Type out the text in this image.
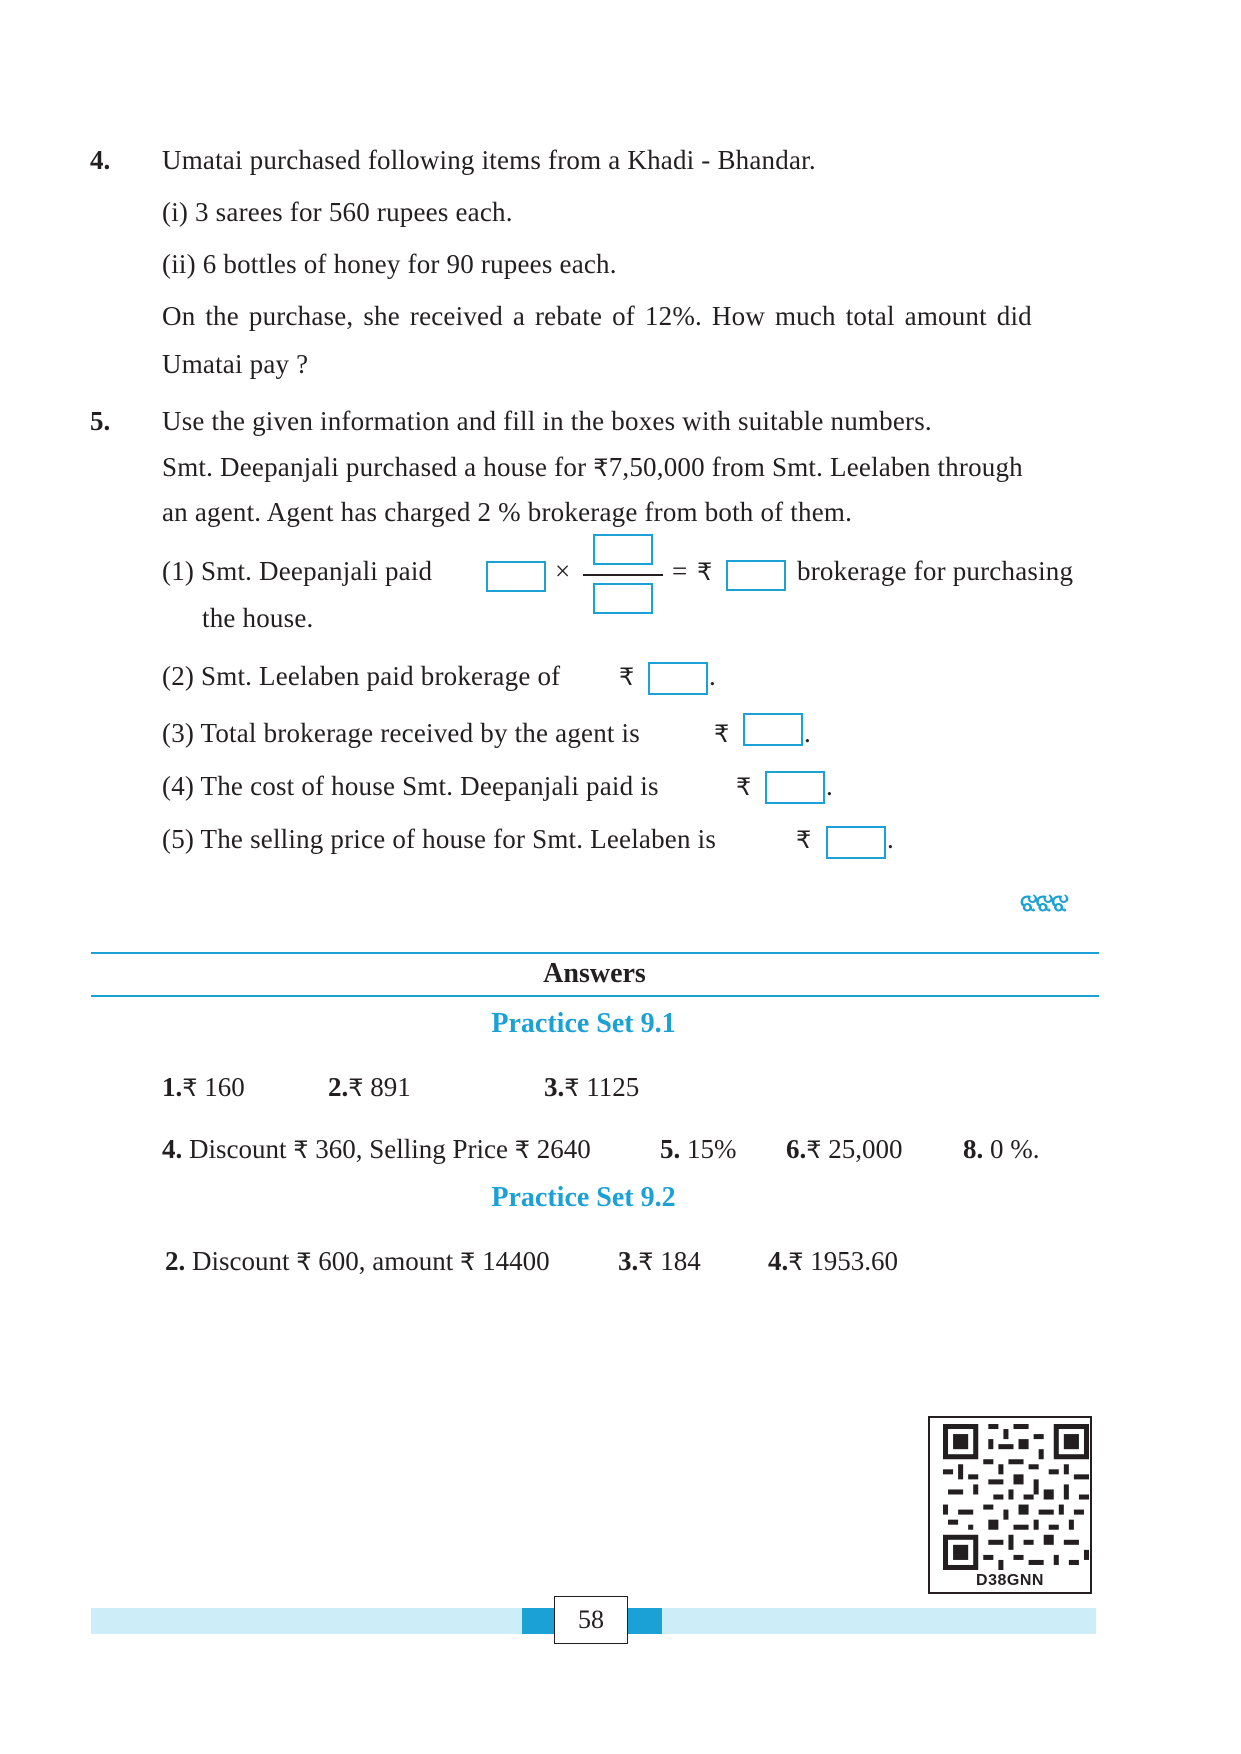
4. Umatai purchased following items from a Khadi - Bhandar.
(i) 3 sarees for 560 rupees each.
(ii) 6 bottles of honey for 90 rupees each.
On the purchase, she received a rebate of 12%. How much total amount did
Umatai pay ?
5. Use the given information and fill in the boxes with suitable numbers.
Smt. Deepanjali purchased a house for ₹7,50,000 from Smt. Leelaben through
an agent. Agent has charged 2 % brokerage from both of them.
(1) Smt. Deepanjali paid	×	= ₹	brokerage for purchasing
the house.
(2) Smt. Leelaben paid brokerage of ₹	.
(3) Total brokerage received by the agent is	₹	.
(4) The cost of house Smt. Deepanjali paid is	₹	.
(5) The selling price of house for Smt. Leelaben is	₹	.
ଝଝଝ
Answers
Practice Set 9.1
1.₹ 160	2.₹ 891	3.₹ 1125
4. Discount ₹ 360, Selling Price ₹ 2640	5. 15% 6.₹ 25,000 8. 0 %.
Practice Set 9.2
2. Discount ₹ 600, amount ₹ 14400	3.₹ 184 4.₹ 1953.60
D38GNN
58
